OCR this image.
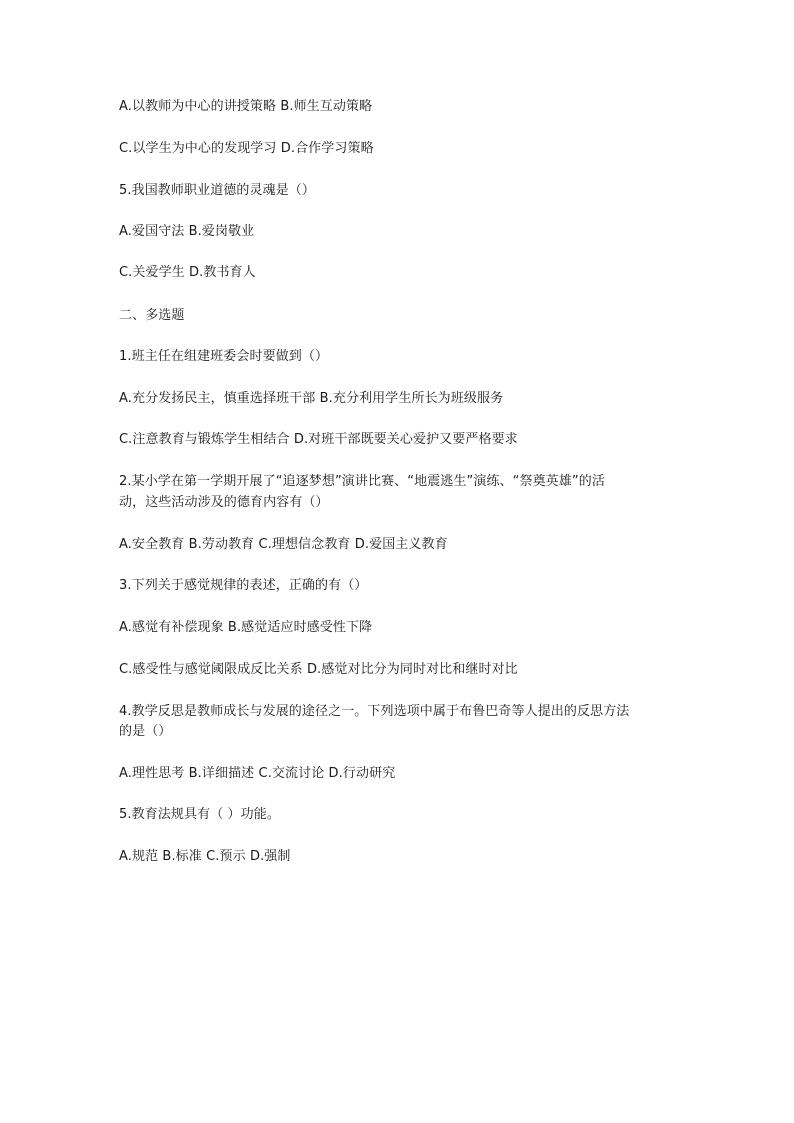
A.以教师为中心的讲授策略 B.师生互动策略
C.以学生为中心的发现学习 D.合作学习策略
5.我国教师职业道德的灵魂是（）
A.爱国守法 B.爱岗敬业
C.关爱学生 D.教书育人
二、多选题
1.班主任在组建班委会时要做到（）
A.充分发扬民主，慎重选择班干部 B.充分利用学生所长为班级服务
C.注意教育与锻炼学生相结合 D.对班干部既要关心爱护又要严格要求
2.某小学在第一学期开展了“追逐梦想”演讲比赛、“地震逃生”演练、“祭奠英雄”的活
动，这些活动涉及的德育内容有（）
A.安全教育 B.劳动教育 C.理想信念教育 D.爱国主义教育
3.下列关于感觉规律的表述，正确的有（）
A.感觉有补偿现象 B.感觉适应时感受性下降
C.感受性与感觉阈限成反比关系 D.感觉对比分为同时对比和继时对比
4.教学反思是教师成长与发展的途径之一。下列选项中属于布鲁巴奇等人提出的反思方法
的是（）
A.理性思考 B.详细描述 C.交流讨论 D.行动研究
5.教育法规具有（ ）功能。
A.规范 B.标准 C.预示 D.强制
